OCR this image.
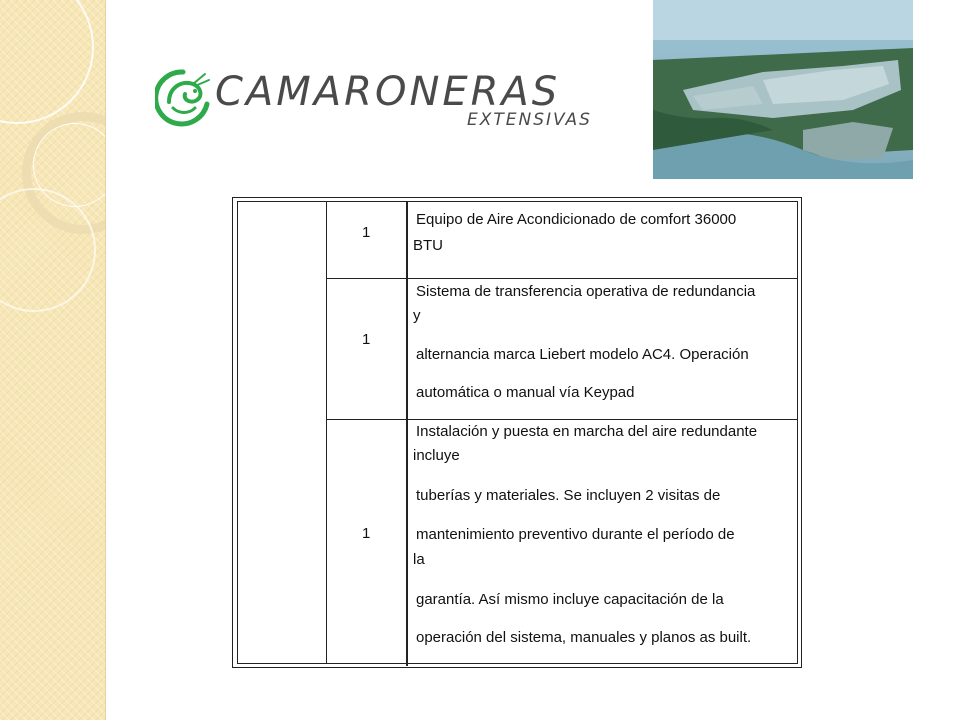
CAMARONERAS
EXTENSIVAS
1
Equipo de Aire Acondicionado de comfort 36000
BTU
1
Sistema de transferencia operativa de redundancia
y
alternancia marca Liebert modelo AC4. Operación
automática o manual vía Keypad
1
Instalación y puesta en marcha del aire redundante
incluye
tuberías y materiales. Se incluyen 2 visitas de
mantenimiento preventivo durante el período de
la
garantía. Así mismo incluye capacitación de la
operación del sistema, manuales y planos as built.
